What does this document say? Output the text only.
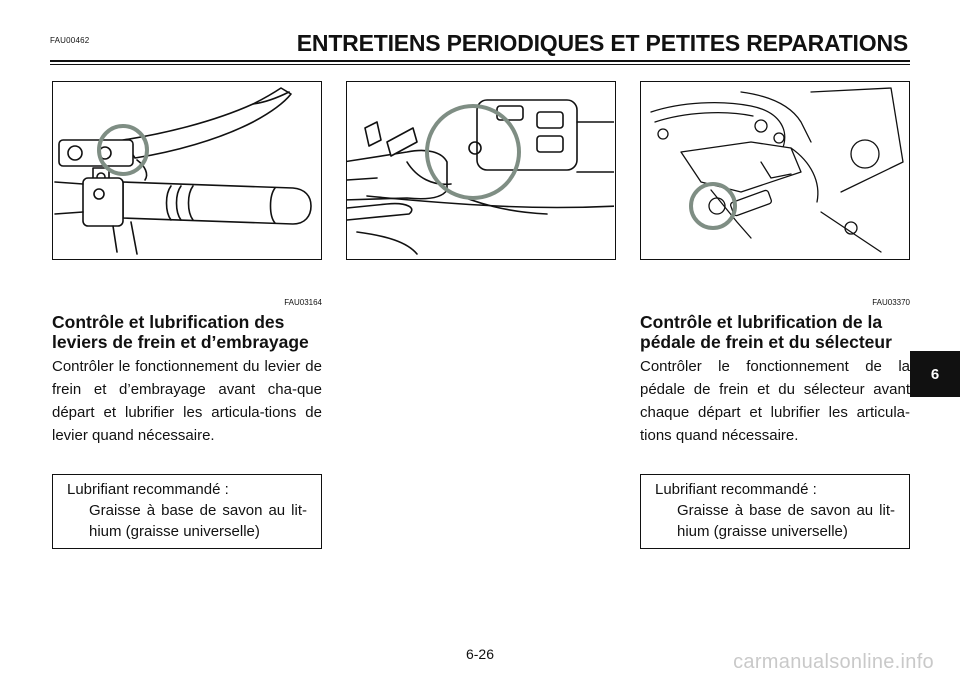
FAU00462	ENTRETIENS PERIODIQUES ET PETITES REPARATIONS
FAU03164
Contrôle et lubrification des leviers de frein et d’embrayage
Contrôler le fonctionnement du levier de frein et d’embrayage avant cha-que départ et lubrifier les articula-tions de levier quand nécessaire.
Lubrifiant recommandé :
Graisse à base de savon au lit-hium (graisse universelle)
FAU03370
Contrôle et lubrification de la pédale de frein et du sélecteur
Contrôler le fonctionnement de la pédale de frein et du sélecteur avant chaque départ et lubrifier les articula-tions quand nécessaire.
Lubrifiant recommandé :
Graisse à base de savon au lit-hium (graisse universelle)
6
6-26	carmanualsonline.info
